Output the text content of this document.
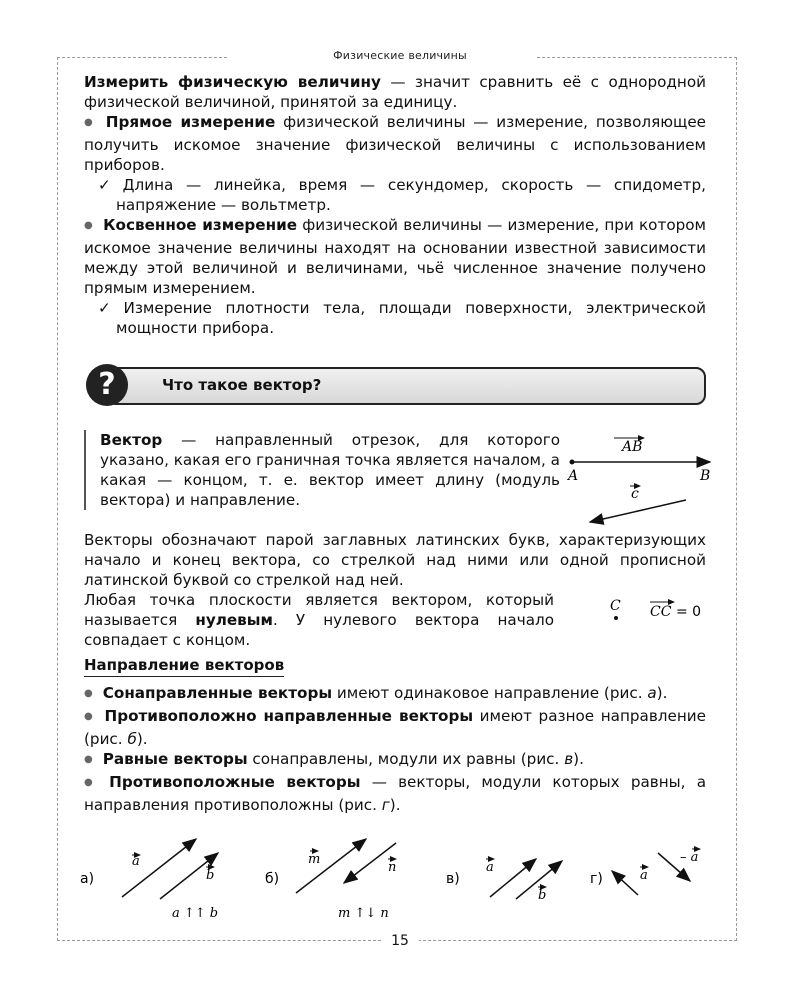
Физические величины
15

Измерить физическую величину — значит сравнить её с однородной физической величиной, принятой за единицу.

● Прямое измерение физической величины — измерение, позволяющее получить искомое значение физической величины с использованием приборов.

✓ Длина — линейка, время — секундомер, скорость — спидометр, напряжение — вольтметр.

● Косвенное измерение физической величины — измерение, при котором искомое значение величины находят на основании известной зависимости между этой величиной и величинами, чьё численное значение получено прямым измерением.

✓ Измерение плотности тела, площади поверхности, электрической мощности прибора.

?	Что такое вектор?

Вектор — направленный отрезок, для которого указано, какая его граничная точка является началом, а какая — концом, т. е. вектор имеет длину (модуль вектора) и направление.

AB
A	B
c

Векторы обозначают парой заглавных латинских букв, характеризующих начало и конец вектора, со стрелкой над ними или одной прописной латинской буквой со стрелкой над ней.

Любая точка плоскости является вектором, который называется нулевым. У нулевого вектора начало совпадает с концом.

C CC = 0
Направление векторов

● Сонаправленные векторы имеют одинаковое направление (рис. а).

● Противоположно направленные векторы имеют разное направление (рис. б).

● Равные векторы сонаправлены, модули их равны (рис. в).

● Противоположные векторы — векторы, модули которых равны, а направления противоположны (рис. г).

а)
a
b
a ↑↑ b
б)
m
n
m ↑↓ n
в)
a
b
г)	a
– a
